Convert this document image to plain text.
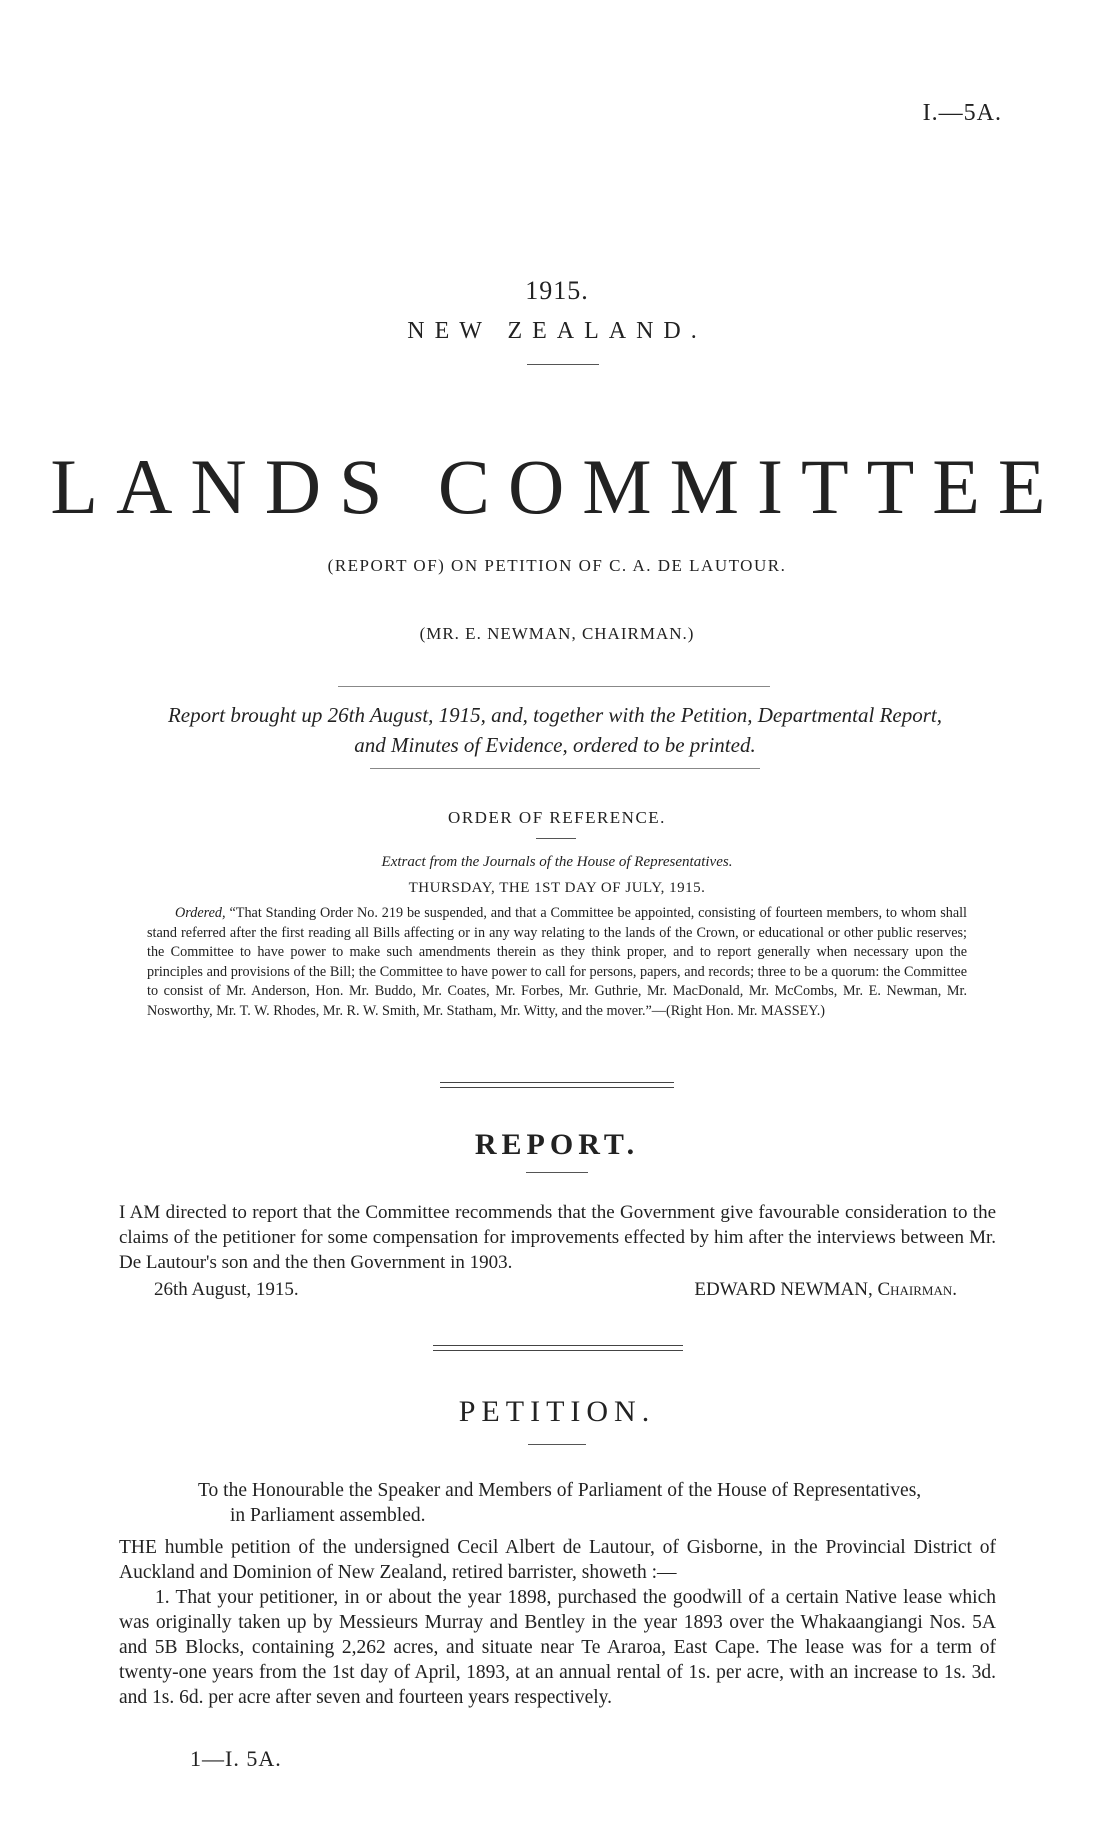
I.—5A.
1915.
NEW ZEALAND.
LANDS COMMITTEE
(REPORT OF) ON PETITION OF C. A. DE LAUTOUR.
(MR. E. NEWMAN, CHAIRMAN.)
Report brought up 26th August, 1915, and, together with the Petition, Departmental Report, and Minutes of Evidence, ordered to be printed.
ORDER OF REFERENCE.
Extract from the Journals of the House of Representatives.
THURSDAY, THE 1ST DAY OF JULY, 1915.
Ordered, “That Standing Order No. 219 be suspended, and that a Committee be appointed, consisting of fourteen members, to whom shall stand referred after the first reading all Bills affecting or in any way relating to the lands of the Crown, or educational or other public reserves; the Committee to have power to make such amendments therein as they think proper, and to report generally when necessary upon the principles and provisions of the Bill; the Committee to have power to call for persons, papers, and records; three to be a quorum: the Committee to consist of Mr. Anderson, Hon. Mr. Buddo, Mr. Coates, Mr. Forbes, Mr. Guthrie, Mr. MacDonald, Mr. McCombs, Mr. E. Newman, Mr. Nosworthy, Mr. T. W. Rhodes, Mr. R. W. Smith, Mr. Statham, Mr. Witty, and the mover.”—(Right Hon. Mr. MASSEY.)
REPORT.
I AM directed to report that the Committee recommends that the Government give favourable consideration to the claims of the petitioner for some compensation for improvements effected by him after the interviews between Mr. De Lautour's son and the then Government in 1903.
26th August, 1915.	EDWARD NEWMAN, Chairman.
PETITION.
To the Honourable the Speaker and Members of Parliament of the House of Representatives,
in Parliament assembled.

THE humble petition of the undersigned Cecil Albert de Lautour, of Gisborne, in the Provincial District of Auckland and Dominion of New Zealand, retired barrister, showeth :—

1. That your petitioner, in or about the year 1898, purchased the goodwill of a certain Native lease which was originally taken up by Messieurs Murray and Bentley in the year 1893 over the Whakaangiangi Nos. 5A and 5B Blocks, containing 2,262 acres, and situate near Te Araroa, East Cape. The lease was for a term of twenty-one years from the 1st day of April, 1893, at an annual rental of 1s. per acre, with an increase to 1s. 3d. and 1s. 6d. per acre after seven and fourteen years respectively.

1—I. 5A.
